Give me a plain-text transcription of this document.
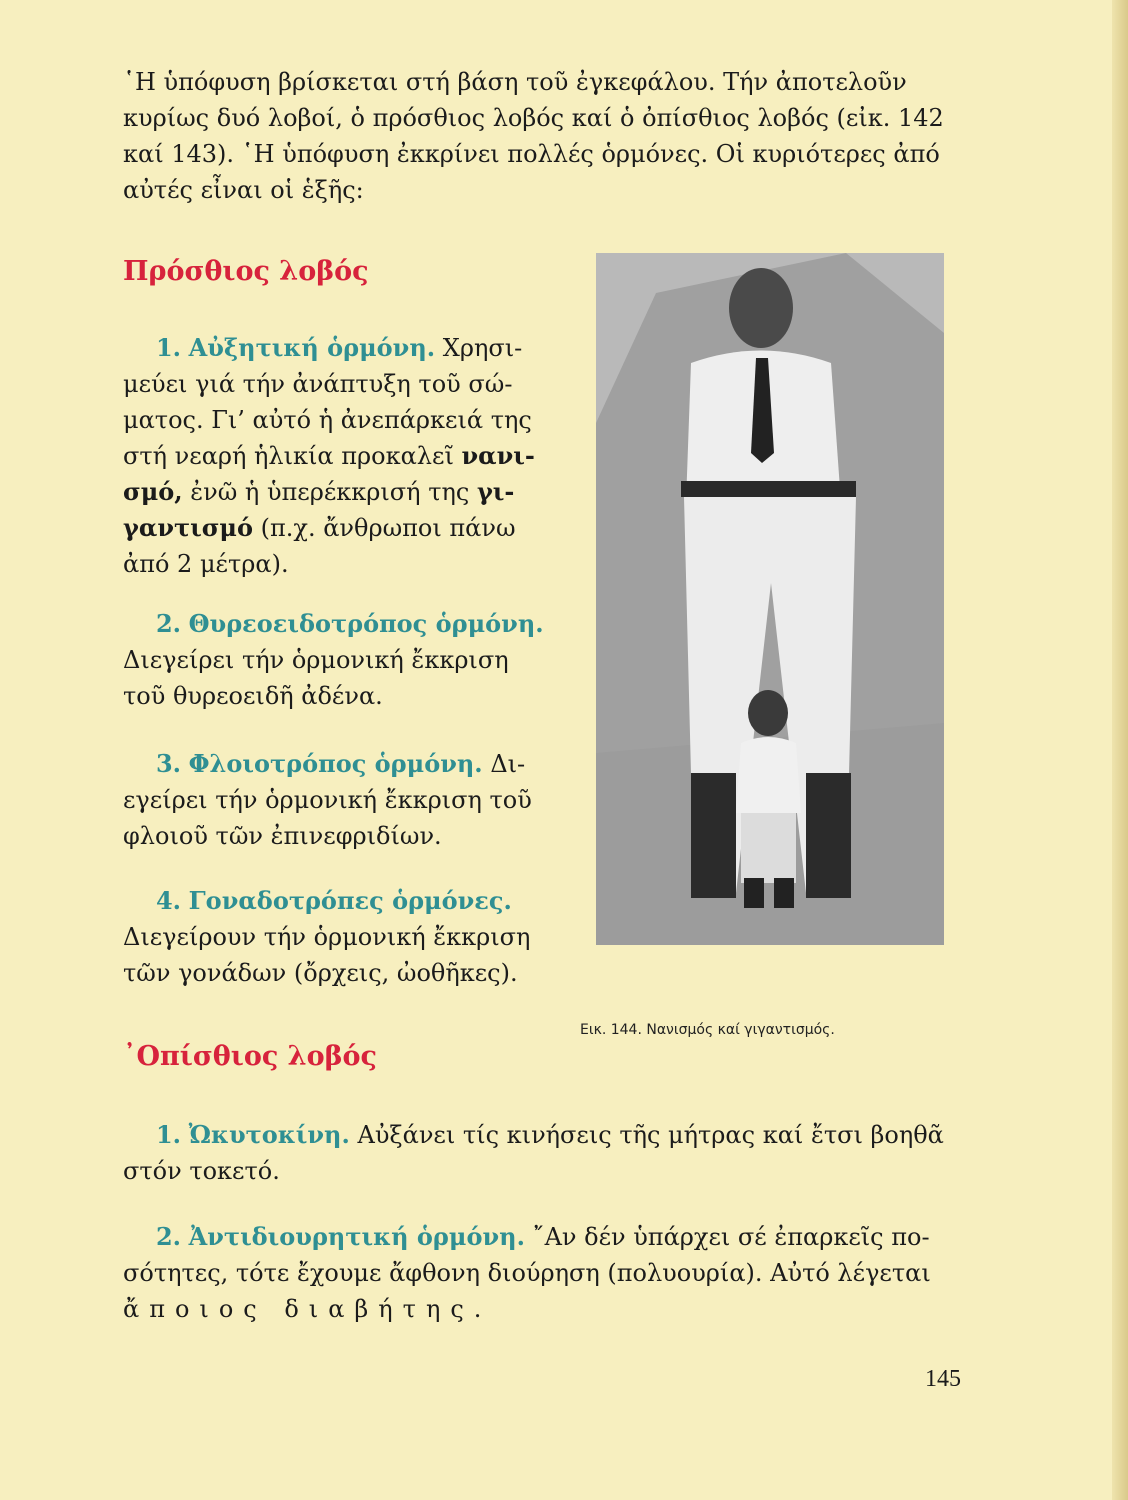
῾Η ὑπόφυση βρίσκεται στή βάση τοῦ ἐγκεφάλου. Τήν ἀποτελοῦν

κυρίως δυό λοβοί, ὁ πρόσθιος λοβός καί ὁ ὀπίσθιος λοβός (εἰκ. 142

καί 143). ῾Η ὑπόφυση ἐκκρίνει πολλές ὁρμόνες. Οἱ κυριότερες ἀπό

αὐτές εἶναι οἱ ἑξῆς:

Πρόσθιος λοβός

1. Αὐξητική ὁρμόνη. Χρησι-

μεύει γιά τήν ἀνάπτυξη τοῦ σώ-

ματος. Γι’ αὐτό ἡ ἀνεπάρκειά της

στή νεαρή ἡλικία προκαλεῖ νανι-

σμό, ἐνῶ ἡ ὑπερέκκρισή της γι-

γαντισμό (π.χ. ἄνθρωποι πάνω

ἀπό 2 μέτρα).

2. Θυρεοειδοτρόπος ὁρμόνη.

Διεγείρει τήν ὁρμονική ἔκκριση

τοῦ θυρεοειδῆ ἀδένα.

3. Φλοιοτρόπος ὁρμόνη. Δι-

εγείρει τήν ὁρμονική ἔκκριση τοῦ

φλοιοῦ τῶν ἐπινεφριδίων.

4. Γοναδοτρόπες ὁρμόνες.

Διεγείρουν τήν ὁρμονική ἔκκριση

τῶν γονάδων (ὄρχεις, ὠοθῆκες).

Εικ. 144. Νανισμός καί γιγαντισμός.
᾿Οπίσθιος λοβός

1. Ὠκυτοκίνη. Αὐξάνει τίς κινήσεις τῆς μήτρας καί ἔτσι βοηθᾶ

στόν τοκετό.

2. Ἀντιδιουρητική ὁρμόνη. ῎Αν δέν ὑπάρχει σέ ἐπαρκεῖς πο-

σότητες, τότε ἔχουμε ἄφθονη διούρηση (πολυουρία). Αὐτό λέγεται

ἄποιος διαβήτης.

145
